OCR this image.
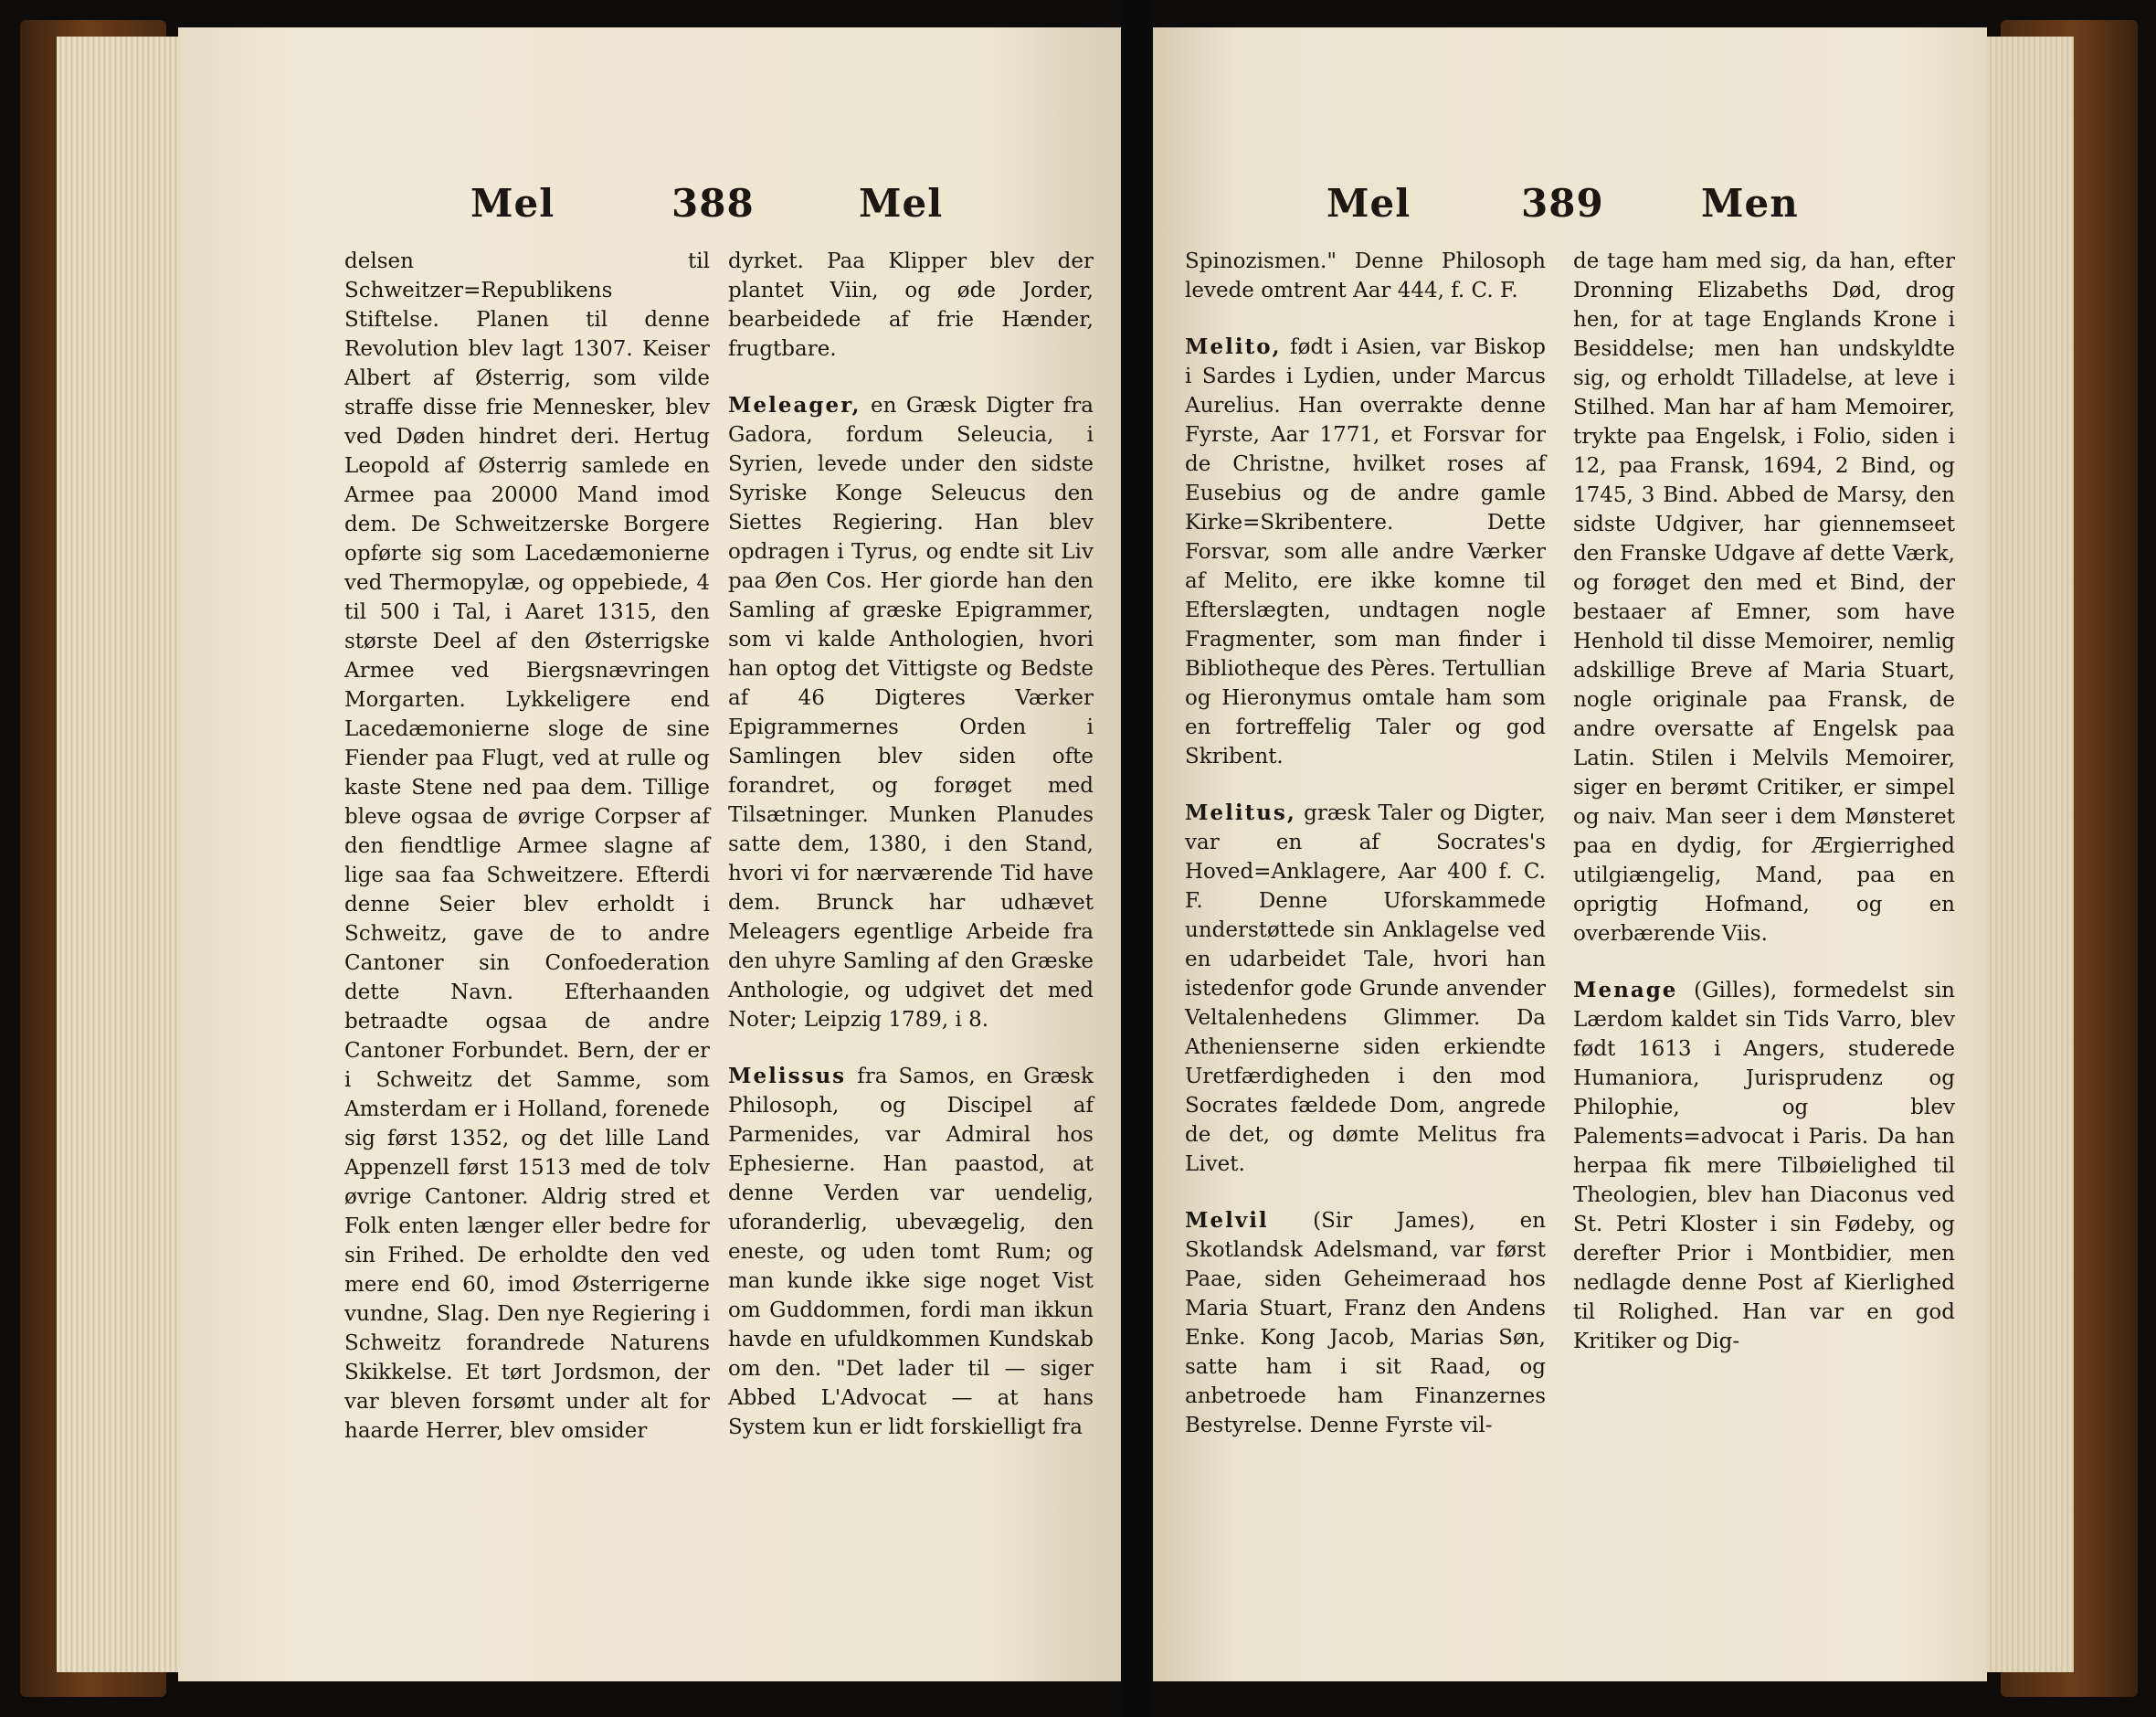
Mel	388	Mel

delsen til Schweitzer=Republikens Stiftelse. Planen til denne Revolution blev lagt 1307. Keiser Albert af Østerrig, som vilde straffe disse frie Mennesker, blev ved Døden hindret deri. Hertug Leopold af Østerrig samlede en Armee paa 20000 Mand imod dem. De Schweitzerske Borgere opførte sig som Lacedæmonierne ved Thermopylæ, og oppebiede, 4 til 500 i Tal, i Aaret 1315, den største Deel af den Østerrigske Armee ved Biergsnævringen Morgarten. Lykkeligere end Lacedæmonierne sloge de sine Fiender paa Flugt, ved at rulle og kaste Stene ned paa dem. Tillige bleve ogsaa de øvrige Corpser af den fiendtlige Armee slagne af lige saa faa Schweitzere. Efterdi denne Seier blev erholdt i Schweitz, gave de to andre Cantoner sin Confoederation dette Navn. Efterhaanden betraadte ogsaa de andre Cantoner Forbundet. Bern, der er i Schweitz det Samme, som Amsterdam er i Holland, forenede sig først 1352, og det lille Land Appenzell først 1513 med de tolv øvrige Cantoner. Aldrig stred et Folk enten længer eller bedre for sin Frihed. De erholdte den ved mere end 60, imod Østerrigerne vundne, Slag. Den nye Regiering i Schweitz forandrede Naturens Skikkelse. Et tørt Jordsmon, der var bleven forsømt under alt for haarde Herrer, blev omsider

dyrket. Paa Klipper blev der plantet Viin, og øde Jorder, bearbeidede af frie Hænder, frugtbare.

Meleager, en Græsk Digter fra Gadora, fordum Seleucia, i Syrien, levede under den sidste Syriske Konge Seleucus den Siettes Regiering. Han blev opdragen i Tyrus, og endte sit Liv paa Øen Cos. Her giorde han den Samling af græske Epigrammer, som vi kalde Anthologien, hvori han optog det Vittigste og Bedste af 46 Digteres Værker Epigrammernes Orden i Samlingen blev siden ofte forandret, og forøget med Tilsætninger. Munken Planudes satte dem, 1380, i den Stand, hvori vi for nærværende Tid have dem. Brunck har udhævet Meleagers egentlige Arbeide fra den uhyre Samling af den Græske Anthologie, og udgivet det med Noter; Leipzig 1789, i 8.

Melissus fra Samos, en Græsk Philosoph, og Discipel af Parmenides, var Admiral hos Ephesierne. Han paastod, at denne Verden var uendelig, uforanderlig, ubevægelig, den eneste, og uden tomt Rum; og man kunde ikke sige noget Vist om Guddommen, fordi man ikkun havde en ufuldkommen Kundskab om den. "Det lader til — siger Abbed L'Advocat — at hans System kun er lidt forskielligt fra

Mel	389	Men

Spinozismen." Denne Philosoph levede omtrent Aar 444, f. C. F.

Melito, født i Asien, var Biskop i Sardes i Lydien, under Marcus Aurelius. Han overrakte denne Fyrste, Aar 1771, et Forsvar for de Christne, hvilket roses af Eusebius og de andre gamle Kirke=Skribentere. Dette Forsvar, som alle andre Værker af Melito, ere ikke komne til Efterslægten, undtagen nogle Fragmenter, som man finder i Bibliotheque des Pères. Tertullian og Hieronymus omtale ham som en fortreffelig Taler og god Skribent.

Melitus, græsk Taler og Digter, var en af Socrates's Hoved=Anklagere, Aar 400 f. C. F. Denne Uforskammede understøttede sin Anklagelse ved en udarbeidet Tale, hvori han istedenfor gode Grunde anvender Veltalenhedens Glimmer. Da Athenienserne siden erkiendte Uretfærdigheden i den mod Socrates fældede Dom, angrede de det, og dømte Melitus fra Livet.

Melvil (Sir James), en Skotlandsk Adelsmand, var først Paae, siden Geheimeraad hos Maria Stuart, Franz den Andens Enke. Kong Jacob, Marias Søn, satte ham i sit Raad, og anbetroede ham Finanzernes Bestyrelse. Denne Fyrste vil-

de tage ham med sig, da han, efter Dronning Elizabeths Død, drog hen, for at tage Englands Krone i Besiddelse; men han undskyldte sig, og erholdt Tilladelse, at leve i Stilhed. Man har af ham Memoirer, trykte paa Engelsk, i Folio, siden i 12, paa Fransk, 1694, 2 Bind, og 1745, 3 Bind. Abbed de Marsy, den sidste Udgiver, har giennemseet den Franske Udgave af dette Værk, og forøget den med et Bind, der bestaaer af Emner, som have Henhold til disse Memoirer, nemlig adskillige Breve af Maria Stuart, nogle originale paa Fransk, de andre oversatte af Engelsk paa Latin. Stilen i Melvils Memoirer, siger en berømt Critiker, er simpel og naiv. Man seer i dem Mønsteret paa en dydig, for Ærgierrighed utilgiængelig, Mand, paa en oprigtig Hofmand, og en overbærende Viis.

Menage (Gilles), formedelst sin Lærdom kaldet sin Tids Varro, blev født 1613 i Angers, studerede Humaniora, Jurisprudenz og Philophie, og blev Palements=advocat i Paris. Da han herpaa fik mere Tilbøielighed til Theologien, blev han Diaconus ved St. Petri Kloster i sin Fødeby, og derefter Prior i Montbidier, men nedlagde denne Post af Kierlighed til Rolighed. Han var en god Kritiker og Dig-
